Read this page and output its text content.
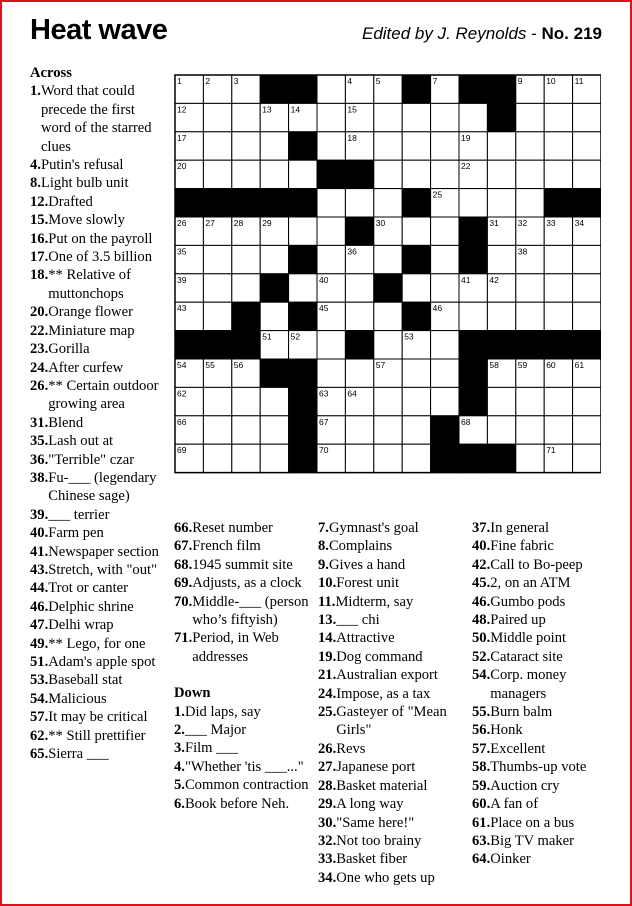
Heat wave	Edited by J. Reynolds - No. 219
1	2	3	4	5	7	9	10 11
12	13 14	15
17	18	19
20	22
25
26 27 28 29	30	31 32 33 34
35	36	38
39	40	41 42
43	45	46
51 52	53
54 55 56	57	58 59 60 61
62	63 64
66	67	68
69	70	71
Across
1. Word that could precede the first word of the starred clues
4. Putin's refusal
8. Light bulb unit
12. Drafted
15. Move slowly
16. Put on the payroll
17. One of 3.5 billion
18. ** Relative of muttonchops
20. Orange flower
22. Miniature map
23. Gorilla
24. After curfew
26. ** Certain outdoor growing area
31. Blend
35. Lash out at
36. "Terrible" czar
38. Fu-___ (legendary Chinese sage)
39. ___ terrier
40. Farm pen
41. Newspaper section
43. Stretch, with "out"
44. Trot or canter
46. Delphic shrine
47. Delhi wrap
49. ** Lego, for one
51. Adam's apple spot
53. Baseball stat
54. Malicious
57. It may be critical
62. ** Still prettifier
65. Sierra ___
66. Reset number
67. French film
68. 1945 summit site
69. Adjusts, as a clock
70. Middle-___ (person who’s fiftyish)
71. Period, in Web addresses
Down
1. Did laps, say
2. ___ Major
3. Film ___
4. "Whether 'tis ___..."
5. Common contraction
6. Book before Neh.
7. Gymnast's goal
8. Complains
9. Gives a hand
10. Forest unit
11. Midterm, say
13. ___ chi
14. Attractive
19. Dog command
21. Australian export
24. Impose, as a tax
25. Gasteyer of "Mean Girls"
26. Revs
27. Japanese port
28. Basket material
29. A long way
30. "Same here!"
32. Not too brainy
33. Basket fiber
34. One who gets up
37. In general
40. Fine fabric
42. Call to Bo-peep
45. 2, on an ATM
46. Gumbo pods
48. Paired up
50. Middle point
52. Cataract site
54. Corp. money managers
55. Burn balm
56. Honk
57. Excellent
58. Thumbs-up vote
59. Auction cry
60. A fan of
61. Place on a bus
63. Big TV maker
64. Oinker
